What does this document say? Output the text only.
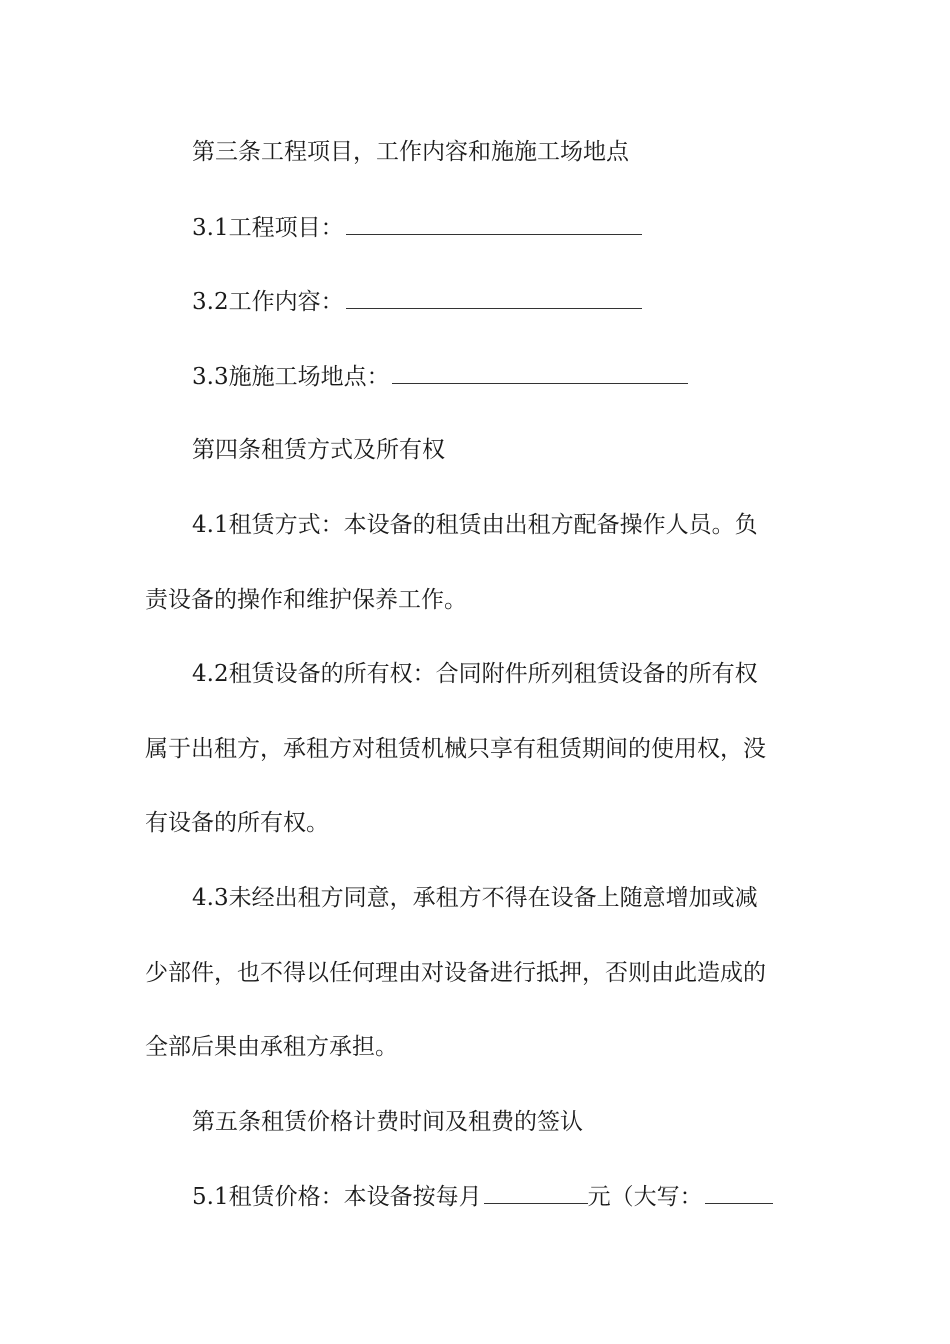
第三条工程项目，工作内容和施施工场地点
3.1工程项目：
3.2工作内容：
3.3施施工场地点：
第四条租赁方式及所有权
4.1租赁方式：本设备的租赁由出租方配备操作人员。负
责设备的操作和维护保养工作。
4.2租赁设备的所有权：合同附件所列租赁设备的所有权
属于出租方，承租方对租赁机械只享有租赁期间的使用权，没
有设备的所有权。
4.3未经出租方同意，承租方不得在设备上随意增加或减
少部件，也不得以任何理由对设备进行抵押，否则由此造成的
全部后果由承租方承担。
第五条租赁价格计费时间及租费的签认
5.1租赁价格：本设备按每月	元（大写：
